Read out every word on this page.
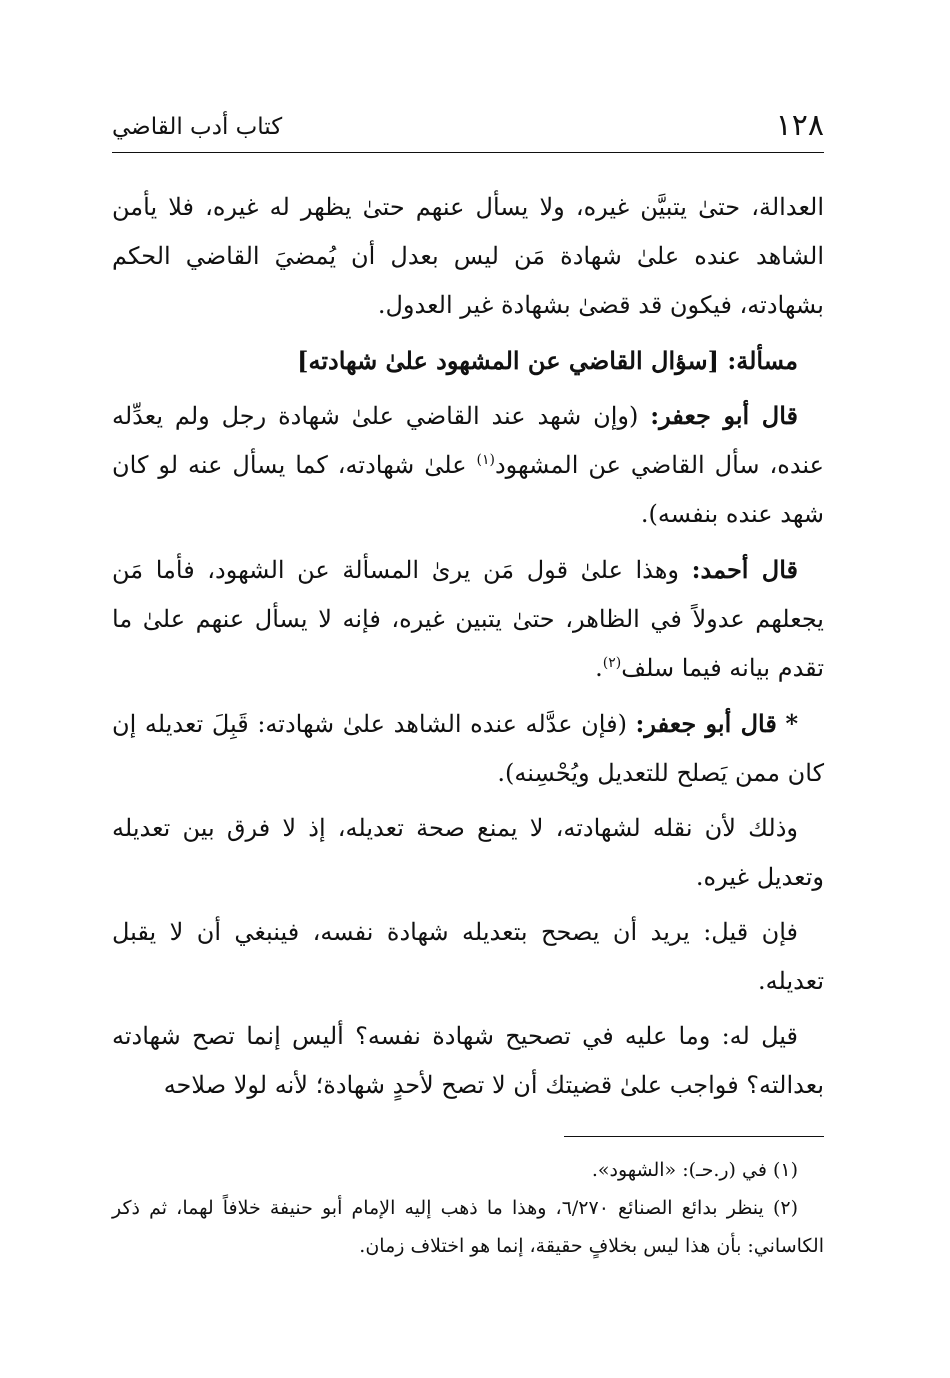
١٢٨
كتاب أدب القاضي

العدالة، حتىٰ يتبيَّن غيره، ولا يسأل عنهم حتىٰ يظهر له غيره، فلا يأمن الشاهد عنده علىٰ شهادة مَن ليس بعدل أن يُمضيَ القاضي الحكم بشهادته، فيكون قد قضىٰ بشهادة غير العدول.

مسألة: [سؤال القاضي عن المشهود علىٰ شهادته]

قال أبو جعفر: (وإن شهد عند القاضي علىٰ شهادة رجل ولم يعدِّله عنده، سأل القاضي عن المشهود$^{(١)}$ علىٰ شهادته، كما يسأل عنه لو كان شهد عنده بنفسه).

قال أحمد: وهذا علىٰ قول مَن يرىٰ المسألة عن الشهود، فأما مَن يجعلهم عدولاً في الظاهر، حتىٰ يتبين غيره، فإنه لا يسأل عنهم علىٰ ما تقدم بيانه فيما سلف$^{(٢)}$.

* قال أبو جعفر: (فإن عدَّله عنده الشاهد علىٰ شهادته: قَبِلَ تعديله إن كان ممن يَصلح للتعديل ويُحْسِنه).

وذلك لأن نقله لشهادته، لا يمنع صحة تعديله، إذ لا فرق بين تعديله وتعديل غيره.

فإن قيل: يريد أن يصحح بتعديله شهادة نفسه، فينبغي أن لا يقبل تعديله.

قيل له: وما عليه في تصحيح شهادة نفسه؟ أليس إنما تصح شهادته بعدالته؟ فواجب علىٰ قضيتك أن لا تصح لأحدٍ شهادة؛ لأنه لولا صلاحه

(١) في (ر.حـ): «الشهود».

(٢) ينظر بدائع الصنائع ٦/٢٧٠، وهذا ما ذهب إليه الإمام أبو حنيفة خلافاً لهما، ثم ذكر الكاساني: بأن هذا ليس بخلافٍ حقيقة، إنما هو اختلاف زمان.
